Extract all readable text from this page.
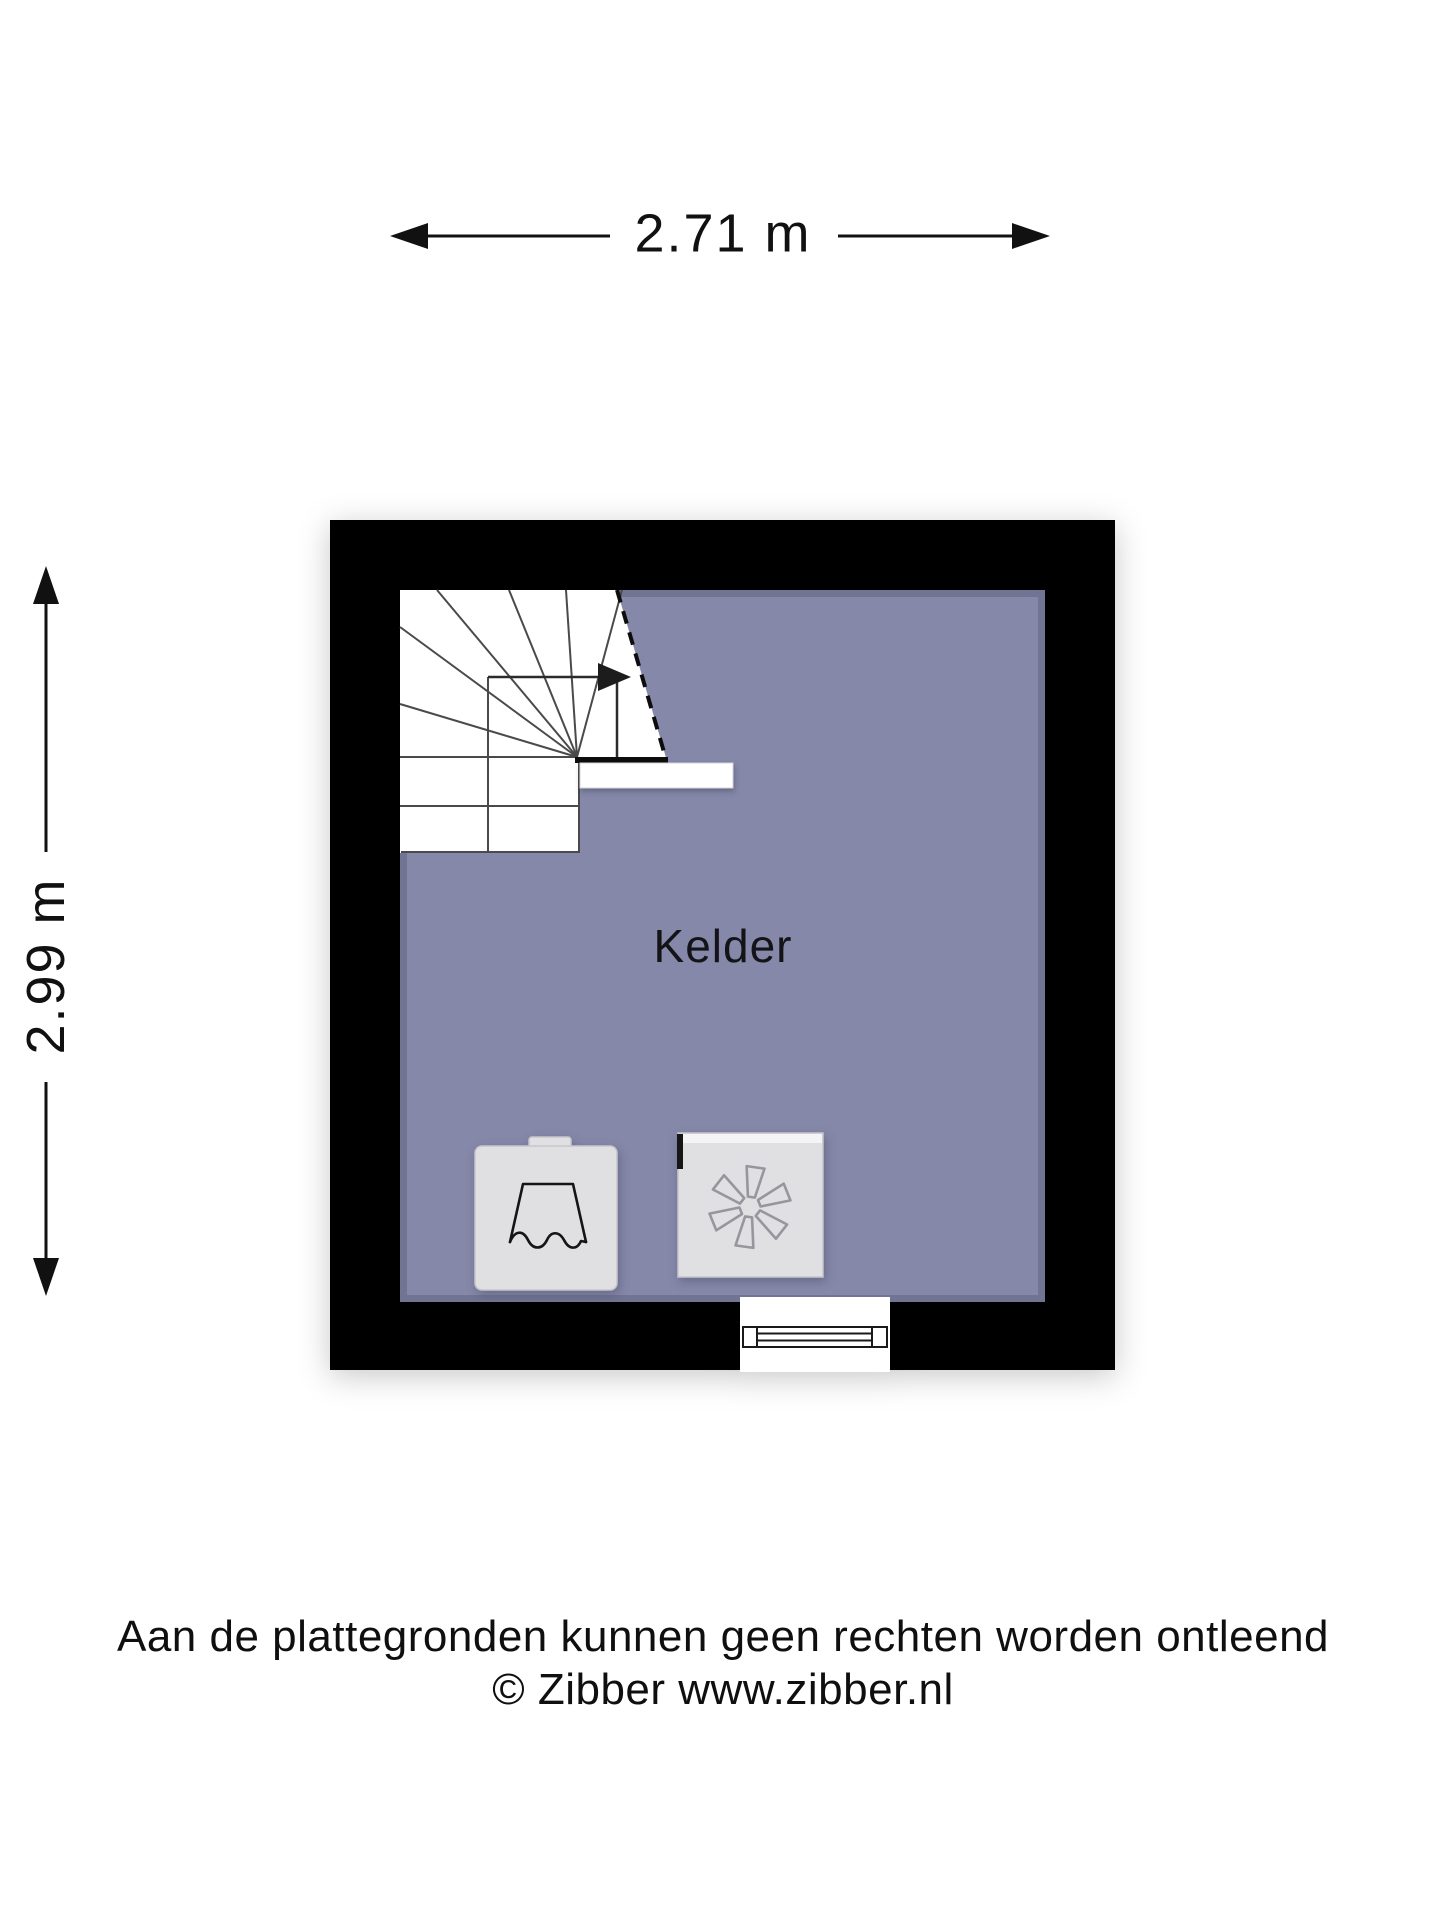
2.71 m
2.99 m	Kelder
Aan de plattegronden kunnen geen rechten worden ontleend
© Zibber www.zibber.nl
